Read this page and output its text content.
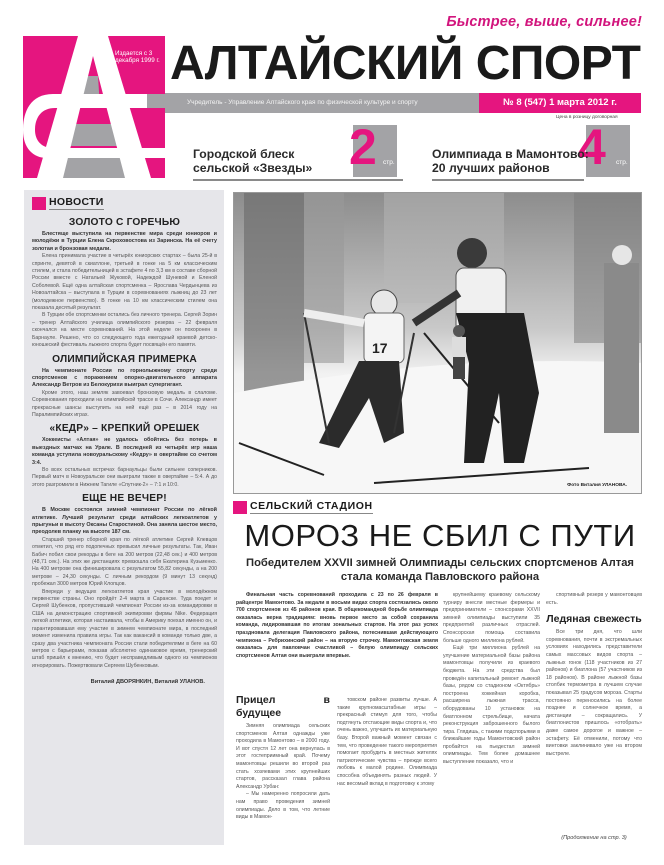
Издается с 3 декабря 1999 г.
Быстрее, выше, сильнее!
АЛТАЙСКИЙ СПОРТ
Учредитель - Управление Алтайского края по физической культуре и спорту	№ 8 (547) 1 марта 2012 г.
Цена в розницу договорная
2 стр.
Городской блеск
сельской «Звезды»	4 стр.
Олимпиада в Мамонтово:
20 лучших районов
НОВОСТИ
ЗОЛОТО С ГОРЕЧЬЮ

Блестяще выступила на первенстве мира среди юниоров и молодёжи в Турции Елена Скроховостова из Заринска. На её счету золотая и бронзовая медали.

Елена принимала участие в четырёх юниорских стартах – была 25-й в спринте, девятой в скиатлоне, третьей в гонке на 5 км классическим стилем, и стала победительницей в эстафете 4 по 3,3 км в составе сборной России вместе с Натальей Жуковой, Надеждой Шуневой и Еленой Соболевой. Ещё одна алтайская спортсменка – Ярослава Чердынцева из Новоалтайска – выступала в Турции в соревнованиях лыжниц до 23 лет (молодежное первенство). В гонке на 10 км классическим стилем она показала десятый результат.

В Турции обе спортсменки остались без личного тренера. Сергей Зорин – тренер Алтайского училища олимпийского резерва – 22 февраля скончался на месте соревнований. На этой неделе он похоронен в Барнауле. Решено, что со следующего года ежегодный краевой детско-юношеский фестиваль лыжного спорта будет посвящён его памяти.

ОЛИМПИЙСКАЯ ПРИМЕРКА

На чемпионате России по горнолыжному спорту среди спортсменов с поражением опорно-двигательного аппарата Александр Ветров из Белокурихи выиграл супергигант.

Кроме этого, наш земляк завоевал бронзовую медаль в слаломе. Соревнования проходили на олимпийской трассе в Сочи. Александр имеет прекрасные шансы выступить на ней ещё раз – в 2014 году на Паралимпийских играх.

«КЕДР» – КРЕПКИЙ ОРЕШЕК

Хоккеисты «Алтая» не удалось обойтись без потерь в выездных матчах на Урале. В последней из четырёх игр наша команда уступила новоуральскому «Кедру» в овертайме со счетом 3:4.

Во всех остальных встречах барнаульцы были сильнее соперников. Первый матч в Новоуральске они выиграли также в овертайме – 5:4. А до этого разгромили в Нижнем Тагиле «Спутник-2» – 7:1 и 10:0.

ЕЩЕ НЕ ВЕЧЕР!

В Москве состоялся зимний чемпионат России по лёгкой атлетике. Лучший результат среди алтайских легкоатлетов у прыгуньи в высоту Оксаны Старостиной. Она заняла шестое место, преодолев планку на высоте 187 см.

Старший тренер сборной края по лёгкой атлетике Сергей Клевцов отметил, что ряд его подопечных превысил личные результаты. Так, Иван Бабич побил свои рекорды в беге на 200 метров (22,48 сек.) и 400 метров (48,71 сек.). На этих же дистанциях превзошла себя Екатерина Кузьменко. На 400 метрове она финишировала с результатом 55,82 секунды, а на 200 метрове – 24,30 секунды. С личным рекордом (9 минут 13 секунд) пробежал 3000 метров Юрий Клопцов.

Впереди у ведущих легкоатлетов края участие в молодёжном первенстве страны. Оно пройдёт 2-4 марта в Саранске. Туда поедет и Сергей Шубенков, пропустивший чемпионат России из-за командировки в США на демонстрацию спортивной экипировки фирмы Nike. Федерация легкой атлетики, которая настаивала, чтобы в Америку поехал именно он, и гарантировавшая ему участие в зимнем чемпионате мира, в последний момент изменила правила игры. Так как вакансий в команде только две, а сразу два участника чемпионата России стали победителями в беге на 60 метров с барьерами, показав абсолютно одинаковое время, тренерский штаб пришёл к мнению, что будет несправедливым одного из чемпионов игнорировать. Пожертвовали Сергеем Шубенковым.

Виталий ДВОРЯНКИН, Виталий УЛАНОВ.
17
Фото Виталия УЛАНОВА.
СЕЛЬСКИЙ СТАДИОН
МОРОЗ НЕ СБИЛ С ПУТИ
Победителем XXVII зимней Олимпиады сельских спортсменов Алтая стала команда Павловского района

Финальная часть соревнований проходила с 23 по 26 февраля в райцентре Мамонтово. За медали в восьми видах спорта состязались около 700 спортсменов из 45 районов края. В общекомандной борьбе олимпиада оказалась верна традициям: вновь первое место за собой сохранила команда, лидировавшая по итогам зональных стартов. На этот раз успех праздновала делегация Павловского района, потеснившая действующего чемпиона – Ребрихинский район – на вторую строчку. Мамонтовская земля оказалась для павловчан счастливой – белую олимпиаду сельских спортсменов Алтая они выиграли впервые.

Прицел в будущее

Зимняя олимпиада сельских спортсменов Алтая однажды уже проходила в Мамонтово – в 2000 году. И вот спустя 12 лет она вернулась в этот гостеприимный край. Почему мамонтовцы решили во второй раз стать хозяевами этих крупнейших стартов, рассказал глава района Александр Урбан:

– Мы намеренно попросили дать нам право проведения зимней олимпиады. Дело в том, что летние виды в Мамон-

товском районе развиты лучше. А такие крупномасштабные игры – прекрасный стимул для того, чтобы подтянуть отстающие виды спорта и, что очень важно, улучшить их материальную базу. Второй важный момент связан с тем, что проведение такого мероприятия помогает пробудить в местных жителях патриотические чувства – прежде всего любовь к малой родине. Олимпиада способна объединять разных людей. У нас весомый вклад в подготовку к этому

крупнейшему краевому сельскому турниру внесли местные фермеры и предприниматели – спонсорами XXVII зимней олимпиады выступили 35 предприятий различных отраслей. Спонсорская помощь составила больше одного миллиона рублей.

Ещё три миллиона рублей на улучшение материальной базы района мамонтовцы получили из краевого бюджета. На эти средства был проведён капитальный ремонт лыжной базы, рядом со стадионом «Октябрь» построена хоккейная коробка, расширена лыжная трасса, оборудованы 10 установок на биатлонном стрельбище, начата реконструкция заброшенного былого тира. Глядишь, с такими подспорьями в ближайшие годы Мамонтовский район пробайтся на пьедестал зимней олимпиады. Тем более домашнее выступление показало, что и

спортивный резерв у мамонтовцев есть.

Ледяная свежесть

Все три дня, что шли соревнования, почти в экстремальных условиях находились представители самых массовых видов спорта – лыжных гонок (118 участников из 27 районов) и биатлона (57 участников из 18 районов). В районе лыжной базы столбик термометра в лучшем случае показывал 25 градусов мороза. Старты постоянно переносились на более позднее и солнечное время, а дистанции – сокращались. У биатлонистов пришлось «отобрать» даже самое дорогое и важное – эстафету. Её отменили, потому что винтовки заклинивало уже на втором выстреле.

(Продолжение на стр. 3)
